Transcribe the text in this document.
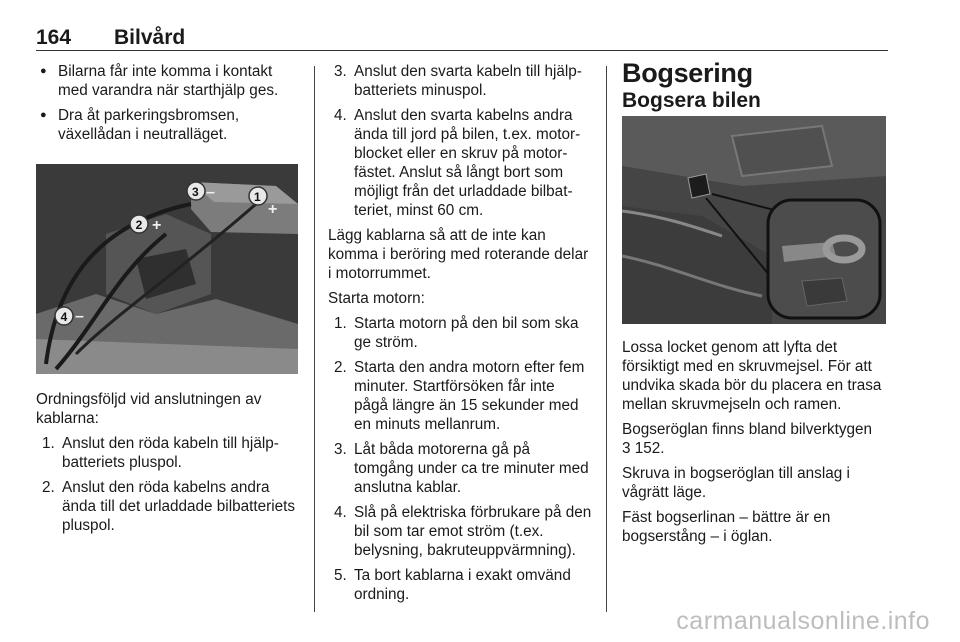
164 Bilvård
● Bilarna får inte komma i kontakt med varandra när starthjälp ges.
● Dra åt parkeringsbromsen, växellådan i neutralläget.
1
2
3
4
+
+
–
–

Ordningsföljd vid anslutningen av kablarna:

1. Anslut den röda kabeln till hjälpbatteriets pluspol.
2. Anslut den röda kabelns andra ända till det urladdade bilbatteriets pluspol.
3. Anslut den svarta kabeln till hjälpbatteriets minuspol.
4. Anslut den svarta kabelns andra ända till jord på bilen, t.ex. motorblocket eller en skruv på motorfästet. Anslut så långt bort som möjligt från det urladdade bilbatteriet, minst 60 cm.

Lägg kablarna så att de inte kan komma i beröring med roterande delar i motorrummet.

Starta motorn:

1. Starta motorn på den bil som ska ge ström.
2. Starta den andra motorn efter fem minuter. Startförsöken får inte pågå längre än 15 sekunder med en minuts mellanrum.
3. Låt båda motorerna gå på tomgång under ca tre minuter med anslutna kablar.
4. Slå på elektriska förbrukare på den bil som tar emot ström (t.ex. belysning, bakruteuppvärmning).
5. Ta bort kablarna i exakt omvänd ordning.
Bogsering
Bogsera bilen

Lossa locket genom att lyfta det försiktigt med en skruvmejsel. För att undvika skada bör du placera en trasa mellan skruvmejseln och ramen.

Bogseröglan finns bland bilverktygen
3 152.

Skruva in bogseröglan till anslag i vågrätt läge.

Fäst bogserlinan – bättre är en bogserstång – i öglan.

carmanualsonline.info
